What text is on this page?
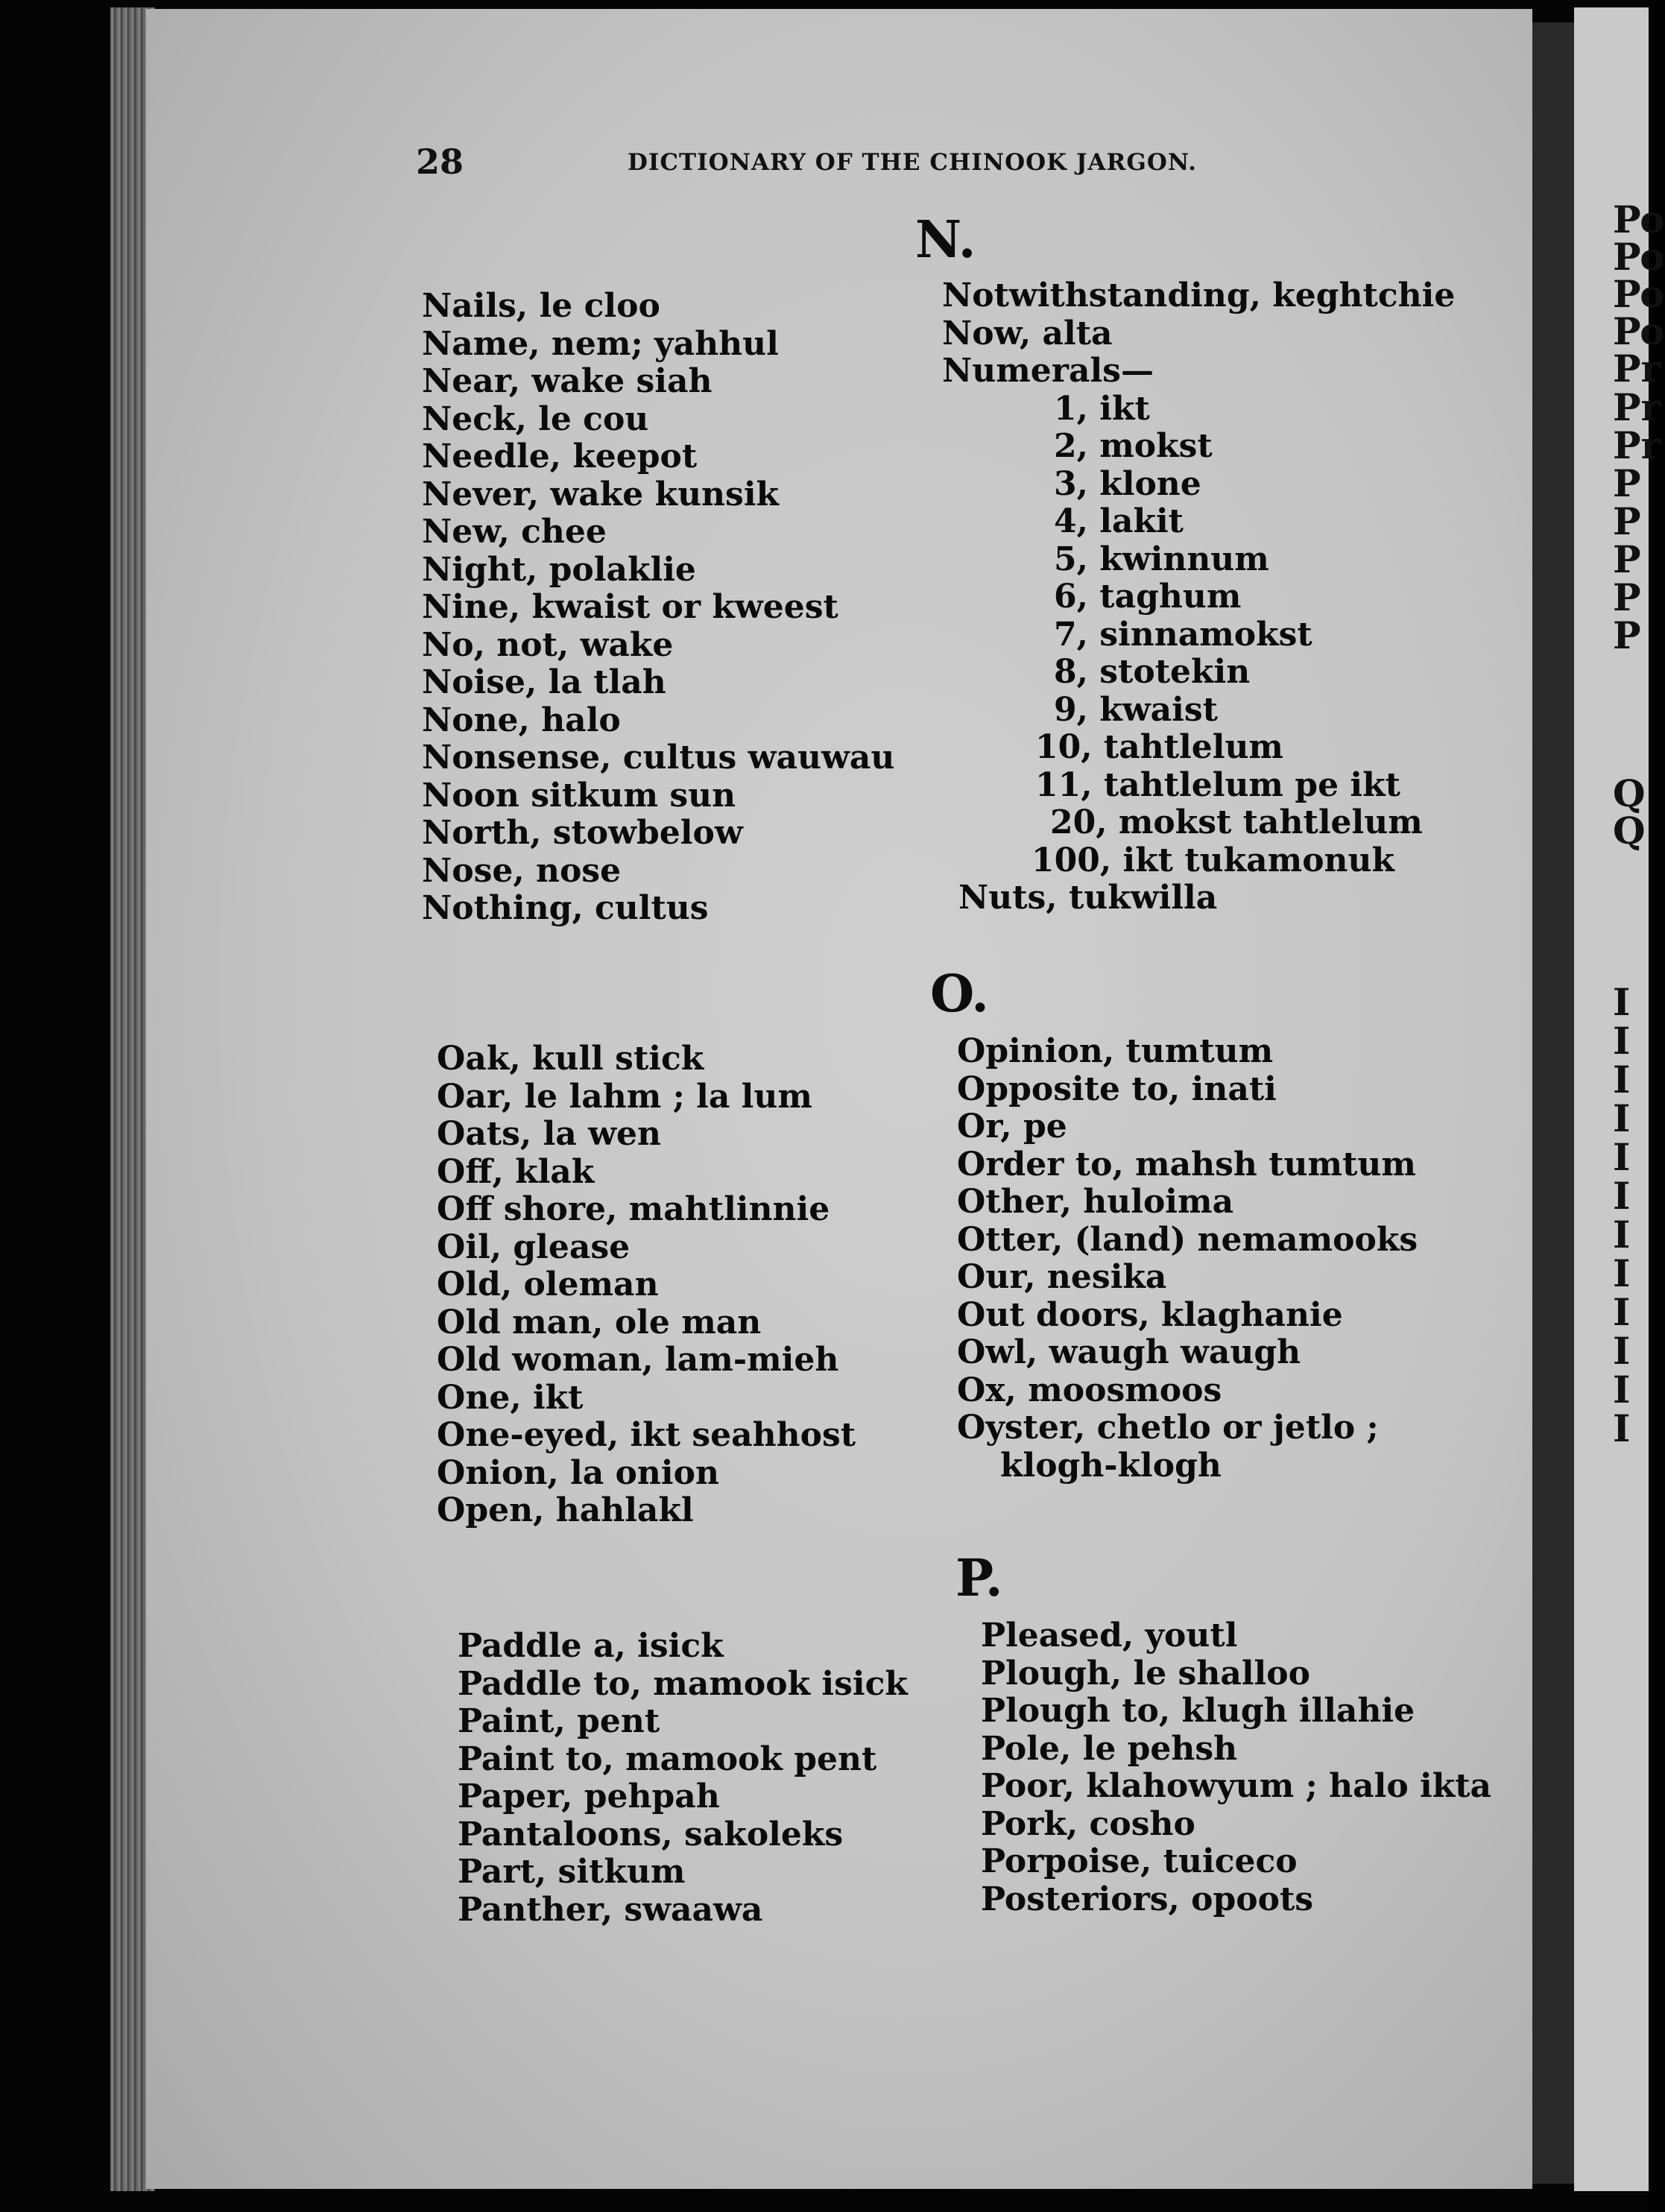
Po
Po
Po
Po
Pr
Pr
Pr
P
P
P
P
P
Q
Q
I
I
I
I
I
I
I
I
I
I
I
I
28	DICTIONARY OF THE CHINOOK JARGON.
N.
Nails, le cloo
Name, nem; yahhul
Near, wake siah
Neck, le cou
Needle, keepot
Never, wake kunsik
New, chee
Night, polaklie
Nine, kwaist or kweest
No, not, wake
Noise, la tlah
None, halo
Nonsense, cultus wauwau
Noon sitkum sun
North, stowbelow
Nose, nose
Nothing, cultus
Notwithstanding, keghtchie
Now, alta
Numerals—
1, ikt
2, mokst
3, klone
4, lakit
5, kwinnum
6, taghum
7, sinnamokst
8, stotekin
9, kwaist
10, tahtlelum
11, tahtlelum pe ikt
20, mokst tahtlelum
100, ikt tukamonuk
Nuts, tukwilla
O.
Oak, kull stick
Oar, le lahm ; la lum
Oats, la wen
Off, klak
Off shore, mahtlinnie
Oil, glease
Old, oleman
Old man, ole man
Old woman, lam-mieh
One, ikt
One-eyed, ikt seahhost
Onion, la onion
Open, hahlakl
Opinion, tumtum
Opposite to, inati
Or, pe
Order to, mahsh tumtum
Other, huloima
Otter, (land) nemamooks
Our, nesika
Out doors, klaghanie
Owl, waugh waugh
Ox, moosmoos
Oyster, chetlo or jetlo ;
klogh-klogh
P.
Paddle a, isick
Paddle to, mamook isick
Paint, pent
Paint to, mamook pent
Paper, pehpah
Pantaloons, sakoleks
Part, sitkum
Panther, swaawa
Pleased, youtl
Plough, le shalloo
Plough to, klugh illahie
Pole, le pehsh
Poor, klahowyum ; halo ikta
Pork, cosho
Porpoise, tuiceco
Posteriors, opoots
